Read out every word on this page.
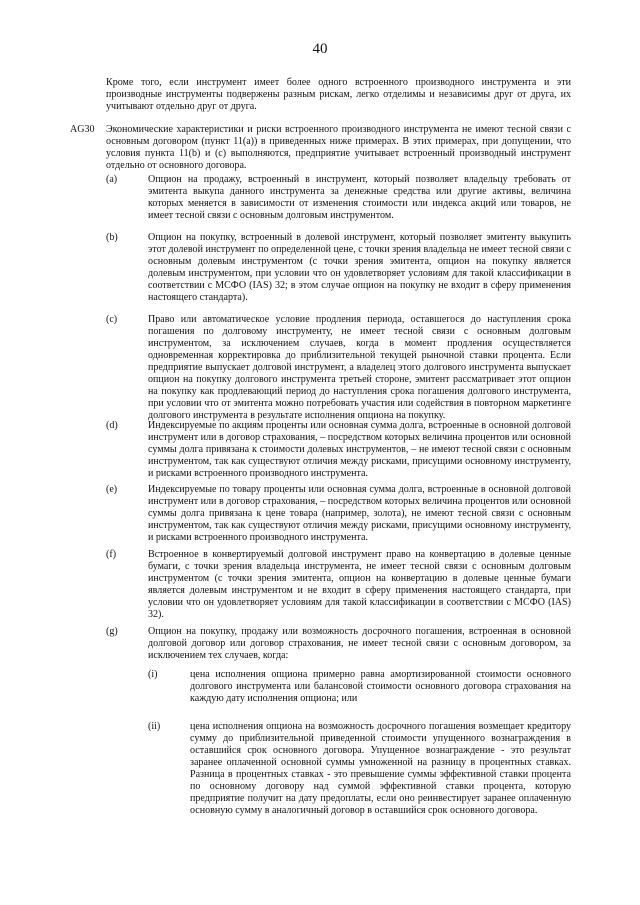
40

Кроме того, если инструмент имеет более одного встроенного производного инструмента и эти производные инструменты подвержены разным рискам, легко отделимы и независимы друг от друга, их учитывают отдельно друг от друга.

AG30 Экономические характеристики и риски встроенного производного инструмента не имеют тесной связи с основным договором (пункт 11(a)) в приведенных ниже примерах. В этих примерах, при допущении, что условия пункта 11(b) и (c) выполняются, предприятие учитывает встроенный производный инструмент отдельно от основного договора.

(a)	Опцион на продажу, встроенный в инструмент, который позволяет владельцу требовать от эмитента выкупа данного инструмента за денежные средства или другие активы, величина которых меняется в зависимости от изменения стоимости или индекса акций или товаров, не имеет тесной связи с основным долговым инструментом.

(b)	Опцион на покупку, встроенный в долевой инструмент, который позволяет эмитенту выкупить этот долевой инструмент по определенной цене, с точки зрения владельца не имеет тесной связи с основным долевым инструментом (с точки зрения эмитента, опцион на покупку является долевым инструментом, при условии что он удовлетворяет условиям для такой классификации в соответствии с МСФО (IAS) 32; в этом случае опцион на покупку не входит в сферу применения настоящего стандарта).

(c)	Право или автоматическое условие продления периода, оставшегося до наступления срока погашения по долговому инструменту, не имеет тесной связи с основным долговым инструментом, за исключением случаев, когда в момент продления осуществляется одновременная корректировка до приблизительной текущей рыночной ставки процента. Если предприятие выпускает долговой инструмент, а владелец этого долгового инструмента выпускает опцион на покупку долгового инструмента третьей стороне, эмитент рассматривает этот опцион на покупку как продлевающий период до наступления срока погашения долгового инструмента, при условии что от эмитента можно потребовать участия или содействия в повторном маркетинге долгового инструмента в результате исполнения опциона на покупку.

(d)	Индексируемые по акциям проценты или основная сумма долга, встроенные в основной долговой инструмент или в договор страхования, – посредством которых величина процентов или основной суммы долга привязана к стоимости долевых инструментов, – не имеют тесной связи с основным инструментом, так как существуют отличия между рисками, присущими основному инструменту, и рисками встроенного производного инструмента.

(e)	Индексируемые по товару проценты или основная сумма долга, встроенные в основной долговой инструмент или в договор страхования, – посредством которых величина процентов или основной суммы долга привязана к цене товара (например, золота), не имеют тесной связи с основным инструментом, так как существуют отличия между рисками, присущими основному инструменту, и рисками встроенного производного инструмента.

(f)	Встроенное в конвертируемый долговой инструмент право на конвертацию в долевые ценные бумаги, с точки зрения владельца инструмента, не имеет тесной связи с основным долговым инструментом (с точки зрения эмитента, опцион на конвертацию в долевые ценные бумаги является долевым инструментом и не входит в сферу применения настоящего стандарта, при условии что он удовлетворяет условиям для такой классификации в соответствии с МСФО (IAS) 32).

(g)	Опцион на покупку, продажу или возможность досрочного погашения, встроенная в основной долговой договор или договор страхования, не имеет тесной связи с основным договором, за исключением тех случаев, когда:

(i)	цена исполнения опциона примерно равна амортизированной стоимости основного долгового инструмента или балансовой стоимости основного договора страхования на каждую дату исполнения опциона; или

(ii)	цена исполнения опциона на возможность досрочного погашения возмещает кредитору сумму до приблизительной приведенной стоимости упущенного вознаграждения в оставшийся срок основного договора. Упущенное вознаграждение - это результат заранее оплаченной основной суммы умноженной на разницу в процентных ставках. Разница в процентных ставках - это превышение суммы эффективной ставки процента по основному договору над суммой эффективной ставки процента, которую предприятие получит на дату предоплаты, если оно реинвестирует заранее оплаченную основную сумму в аналогичный договор в оставшийся срок основного договора.
